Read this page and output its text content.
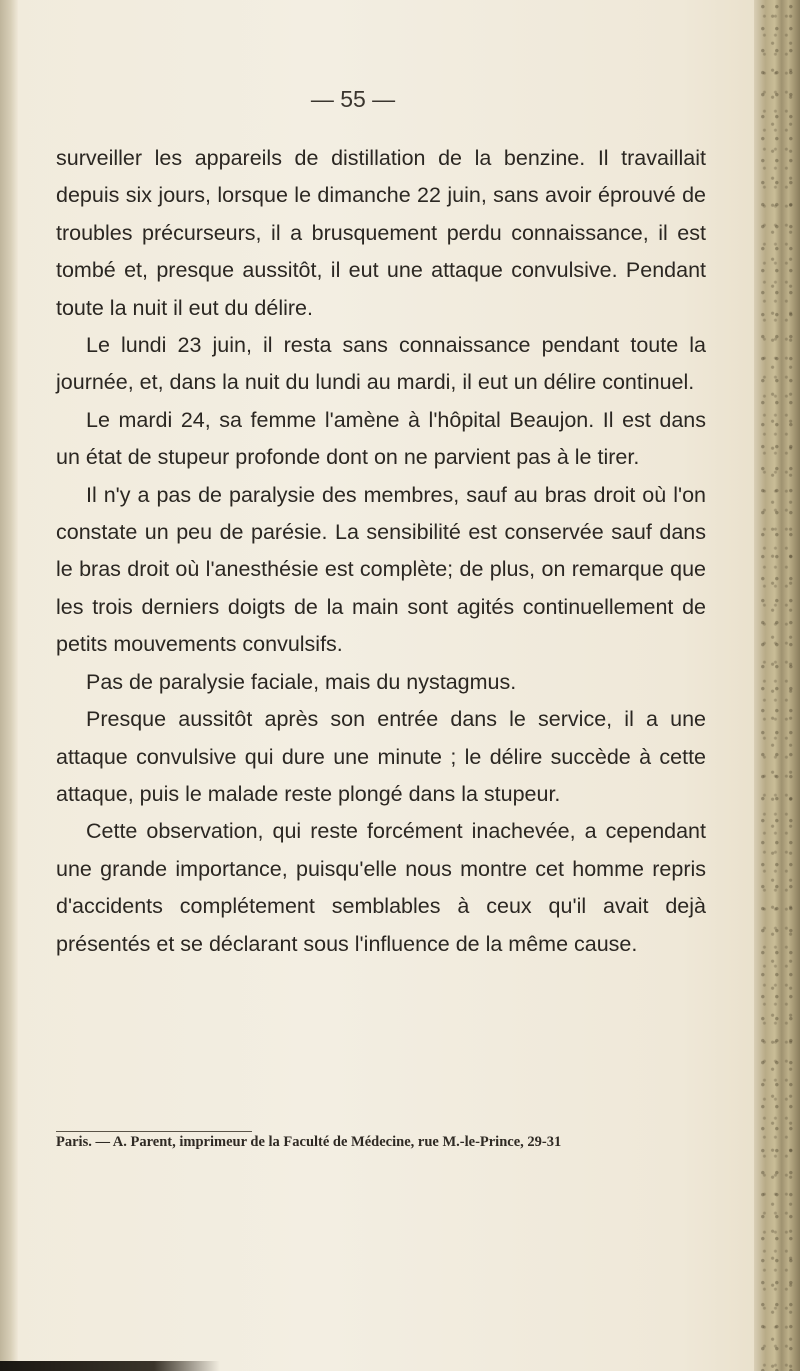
— 55 —

surveiller les appareils de distillation de la benzine. Il travaillait depuis six jours, lorsque le dimanche 22 juin, sans avoir éprouvé de troubles précurseurs, il a brusquement perdu connaissance, il est tombé et, presque aussitôt, il eut une attaque convulsive. Pendant toute la nuit il eut du délire.

Le lundi 23 juin, il resta sans connaissance pendant toute la journée, et, dans la nuit du lundi au mardi, il eut un délire continuel.

Le mardi 24, sa femme l'amène à l'hôpital Beaujon. Il est dans un état de stupeur profonde dont on ne parvient pas à le tirer.

Il n'y a pas de paralysie des membres, sauf au bras droit où l'on constate un peu de parésie. La sensibilité est conservée sauf dans le bras droit où l'anesthésie est complète; de plus, on remarque que les trois derniers doigts de la main sont agités continuellement de petits mouvements convulsifs.

Pas de paralysie faciale, mais du nystagmus.

Presque aussitôt après son entrée dans le service, il a une attaque convulsive qui dure une minute ; le délire succède à cette attaque, puis le malade reste plongé dans la stupeur.

Cette observation, qui reste forcément inachevée, a cependant une grande importance, puisqu'elle nous montre cet homme repris d'accidents complétement semblables à ceux qu'il avait dejà présentés et se déclarant sous l'influence de la même cause.

Paris. — A. Parent, imprimeur de la Faculté de Médecine, rue M.-le-Prince, 29-31
